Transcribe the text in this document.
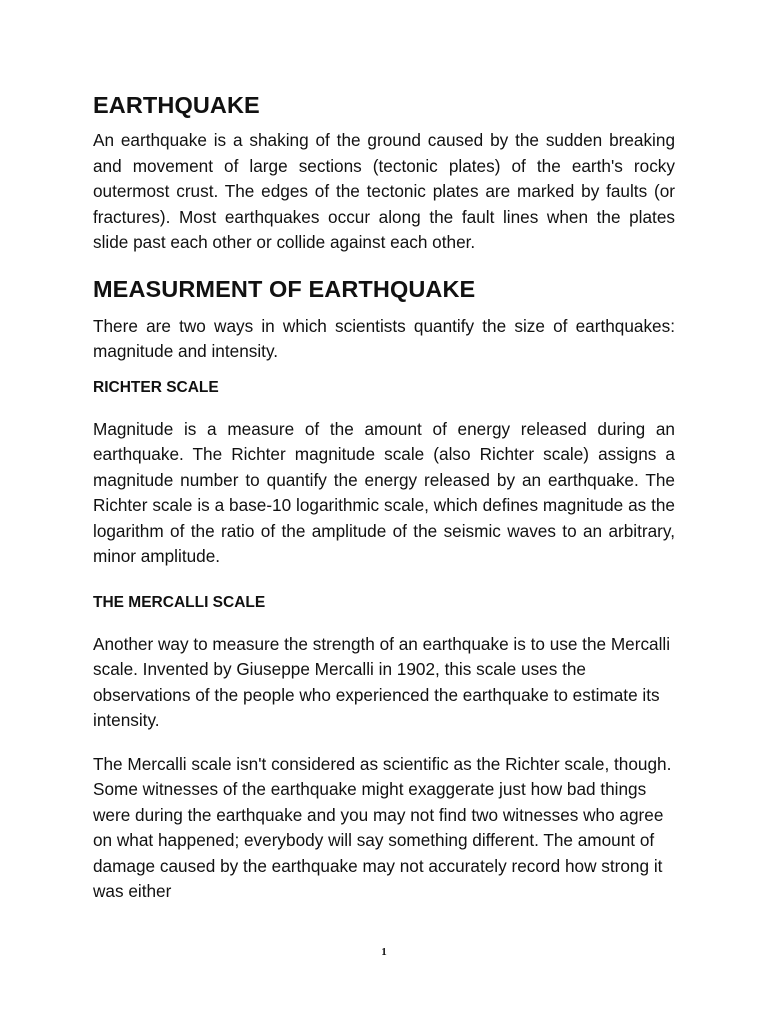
EARTHQUAKE

An earthquake is a shaking of the ground caused by the sudden breaking and movement of large sections (tectonic plates) of the earth's rocky outermost crust. The edges of the tectonic plates are marked by faults (or fractures). Most earthquakes occur along the fault lines when the plates slide past each other or collide against each other.

MEASURMENT OF EARTHQUAKE

There are two ways in which scientists quantify the size of earthquakes: magnitude and intensity.

RICHTER SCALE

Magnitude is a measure of the amount of energy released during an earthquake. The Richter magnitude scale (also Richter scale) assigns a magnitude number to quantify the energy released by an earthquake. The Richter scale is a base-10 logarithmic scale, which defines magnitude as the logarithm of the ratio of the amplitude of the seismic waves to an arbitrary, minor amplitude.

THE MERCALLI SCALE

Another way to measure the strength of an earthquake is to use the Mercalli scale. Invented by Giuseppe Mercalli in 1902, this scale uses the observations of the people who experienced the earthquake to estimate its intensity.

The Mercalli scale isn't considered as scientific as the Richter scale, though. Some witnesses of the earthquake might exaggerate just how bad things were during the earthquake and you may not find two witnesses who agree on what happened; everybody will say something different. The amount of damage caused by the earthquake may not accurately record how strong it was either

1
